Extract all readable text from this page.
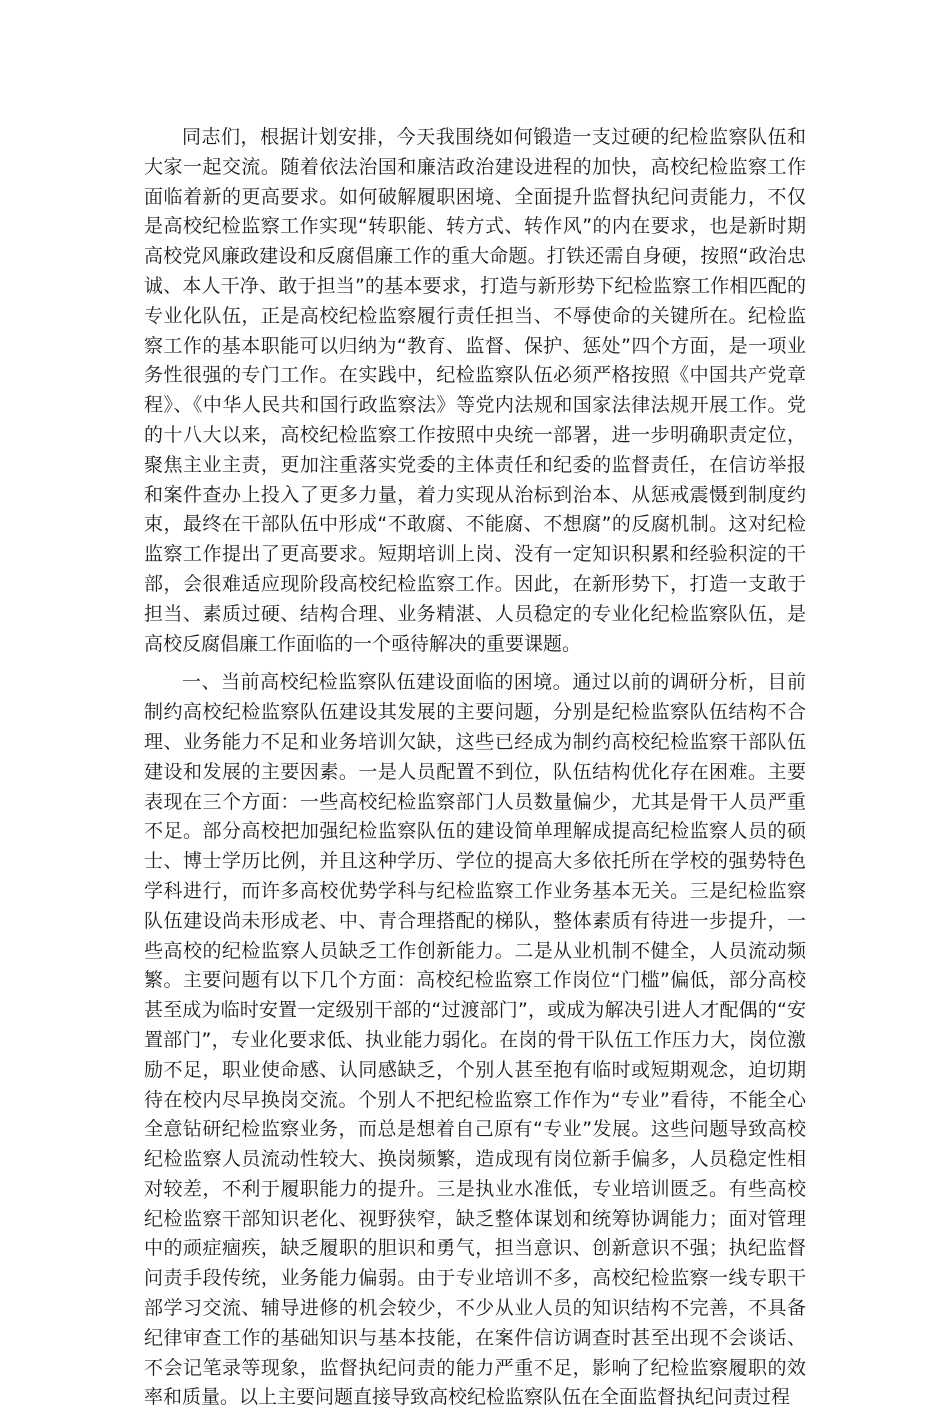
同志们，根据计划安排，今天我围绕如何锻造一支过硬的纪检监察队伍和大家一起交流。随着依法治国和廉洁政治建设进程的加快，高校纪检监察工作面临着新的更高要求。如何破解履职困境、全面提升监督执纪问责能力，不仅是高校纪检监察工作实现“转职能、转方式、转作风”的内在要求，也是新时期高校党风廉政建设和反腐倡廉工作的重大命题。打铁还需自身硬，按照“政治忠诚、本人干净、敢于担当”的基本要求，打造与新形势下纪检监察工作相匹配的专业化队伍，正是高校纪检监察履行责任担当、不辱使命的关键所在。纪检监察工作的基本职能可以归纳为“教育、监督、保护、惩处”四个方面，是一项业务性很强的专门工作。在实践中，纪检监察队伍必须严格按照《中国共产党章程》、《中华人民共和国行政监察法》等党内法规和国家法律法规开展工作。党的十八大以来，高校纪检监察工作按照中央统一部署，进一步明确职责定位，聚焦主业主责，更加注重落实党委的主体责任和纪委的监督责任，在信访举报和案件查办上投入了更多力量，着力实现从治标到治本、从惩戒震慑到制度约束，最终在干部队伍中形成“不敢腐、不能腐、不想腐”的反腐机制。这对纪检监察工作提出了更高要求。短期培训上岗、没有一定知识积累和经验积淀的干部，会很难适应现阶段高校纪检监察工作。因此，在新形势下，打造一支敢于担当、素质过硬、结构合理、业务精湛、人员稳定的专业化纪检监察队伍，是高校反腐倡廉工作面临的一个亟待解决的重要课题。

一、当前高校纪检监察队伍建设面临的困境。通过以前的调研分析，目前制约高校纪检监察队伍建设其发展的主要问题，分别是纪检监察队伍结构不合理、业务能力不足和业务培训欠缺，这些已经成为制约高校纪检监察干部队伍建设和发展的主要因素。一是人员配置不到位，队伍结构优化存在困难。主要表现在三个方面：一些高校纪检监察部门人员数量偏少，尤其是骨干人员严重不足。部分高校把加强纪检监察队伍的建设简单理解成提高纪检监察人员的硕士、博士学历比例，并且这种学历、学位的提高大多依托所在学校的强势特色学科进行，而许多高校优势学科与纪检监察工作业务基本无关。三是纪检监察队伍建设尚未形成老、中、青合理搭配的梯队，整体素质有待进一步提升，一些高校的纪检监察人员缺乏工作创新能力。二是从业机制不健全，人员流动频繁。主要问题有以下几个方面：高校纪检监察工作岗位“门槛”偏低，部分高校甚至成为临时安置一定级别干部的“过渡部门”，或成为解决引进人才配偶的“安置部门”，专业化要求低、执业能力弱化。在岗的骨干队伍工作压力大，岗位激励不足，职业使命感、认同感缺乏，个别人甚至抱有临时或短期观念，迫切期待在校内尽早换岗交流。个别人不把纪检监察工作作为“专业”看待，不能全心全意钻研纪检监察业务，而总是想着自己原有“专业”发展。这些问题导致高校纪检监察人员流动性较大、换岗频繁，造成现有岗位新手偏多，人员稳定性相对较差，不利于履职能力的提升。三是执业水准低，专业培训匮乏。有些高校纪检监察干部知识老化、视野狭窄，缺乏整体谋划和统筹协调能力；面对管理中的顽症痼疾，缺乏履职的胆识和勇气，担当意识、创新意识不强；执纪监督问责手段传统，业务能力偏弱。由于专业培训不多，高校纪检监察一线专职干部学习交流、辅导进修的机会较少，不少从业人员的知识结构不完善，不具备纪律审查工作的基础知识与基本技能，在案件信访调查时甚至出现不会谈话、不会记笔录等现象，监督执纪问责的能力严重不足，影响了纪检监察履职的效率和质量。以上主要问题直接导致高校纪检监察队伍在全面监督执纪问责过程
